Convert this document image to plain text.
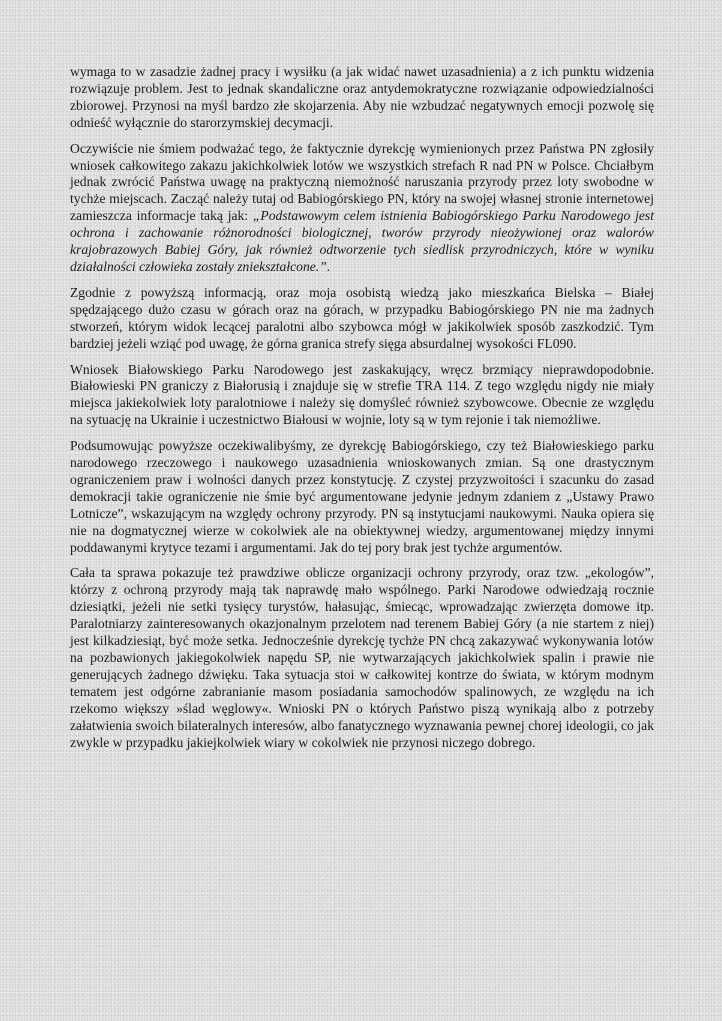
wymaga to w zasadzie żadnej pracy i wysiłku (a jak widać nawet uzasadnienia) a z ich punktu widzenia rozwiązuje problem. Jest to jednak skandaliczne oraz antydemokratyczne rozwiązanie odpowiedzialności zbiorowej. Przynosi na myśl bardzo złe skojarzenia. Aby nie wzbudzać negatywnych emocji pozwolę się odnieść wyłącznie do starorzymskiej decymacji.

Oczywiście nie śmiem podważać tego, że faktycznie dyrekcję wymienionych przez Państwa PN zgłosiły wniosek całkowitego zakazu jakichkolwiek lotów we wszystkich strefach R nad PN w Polsce. Chciałbym jednak zwrócić Państwa uwagę na praktyczną niemożność naruszania przyrody przez loty swobodne w tychże miejscach. Zacząć należy tutaj od Babiogórskiego PN, który na swojej własnej stronie internetowej zamieszcza informacje taką jak: „Podstawowym celem istnienia Babiogórskiego Parku Narodowego jest ochrona i zachowanie różnorodności biologicznej, tworów przyrody nieożywionej oraz walorów krajobrazowych Babiej Góry, jak również odtworzenie tych siedlisk przyrodniczych, które w wyniku działalności człowieka zostały zniekształcone.”.

Zgodnie z powyższą informacją, oraz moja osobistą wiedzą jako mieszkańca Bielska – Białej spędzającego dużo czasu w górach oraz na górach, w przypadku Babiogórskiego PN nie ma żadnych stworzeń, którym widok lecącej paralotni albo szybowca mógł w jakikolwiek sposób zaszkodzić. Tym bardziej jeżeli wziąć pod uwagę, że górna granica strefy sięga absurdalnej wysokości FL090.

Wniosek Białowskiego Parku Narodowego jest zaskakujący, wręcz brzmiący nieprawdopodobnie. Białowieski PN graniczy z Białorusią i znajduje się w strefie TRA 114. Z tego względu nigdy nie miały miejsca jakiekolwiek loty paralotniowe i należy się domyśleć również szybowcowe. Obecnie ze względu na sytuację na Ukrainie i uczestnictwo Białousi w wojnie, loty są w tym rejonie i tak niemożliwe.

Podsumowując powyższe oczekiwalibyśmy, ze dyrekcję Babiogórskiego, czy też Białowieskiego parku narodowego rzeczowego i naukowego uzasadnienia wnioskowanych zmian. Są one drastycznym ograniczeniem praw i wolności danych przez konstytucję. Z czystej przyzwoitości i szacunku do zasad demokracji takie ograniczenie nie śmie być argumentowane jedynie jednym zdaniem z „Ustawy Prawo Lotnicze”, wskazującym na względy ochrony przyrody. PN są instytucjami naukowymi. Nauka opiera się nie na dogmatycznej wierze w cokolwiek ale na obiektywnej wiedzy, argumentowanej między innymi poddawanymi krytyce tezami i argumentami. Jak do tej pory brak jest tychże argumentów.

Cała ta sprawa pokazuje też prawdziwe oblicze organizacji ochrony przyrody, oraz tzw. „ekologów”, którzy z ochroną przyrody mają tak naprawdę mało wspólnego. Parki Narodowe odwiedzają rocznie dziesiątki, jeżeli nie setki tysięcy turystów, hałasując, śmiecąc, wprowadzając zwierzęta domowe itp. Paralotniarzy zainteresowanych okazjonalnym przelotem nad terenem Babiej Góry (a nie startem z niej) jest kilkadziesiąt, być może setka. Jednocześnie dyrekcję tychże PN chcą zakazywać wykonywania lotów na pozbawionych jakiegokolwiek napędu SP, nie wytwarzających jakichkolwiek spalin i prawie nie generujących żadnego dźwięku. Taka sytuacja stoi w całkowitej kontrze do świata, w którym modnym tematem jest odgórne zabranianie masom posiadania samochodów spalinowych, ze względu na ich rzekomo większy »ślad węglowy«. Wnioski PN o których Państwo piszą wynikają albo z potrzeby załatwienia swoich bilateralnych interesów, albo fanatycznego wyznawania pewnej chorej ideologii, co jak zwykle w przypadku jakiejkolwiek wiary w cokolwiek nie przynosi niczego dobrego.
